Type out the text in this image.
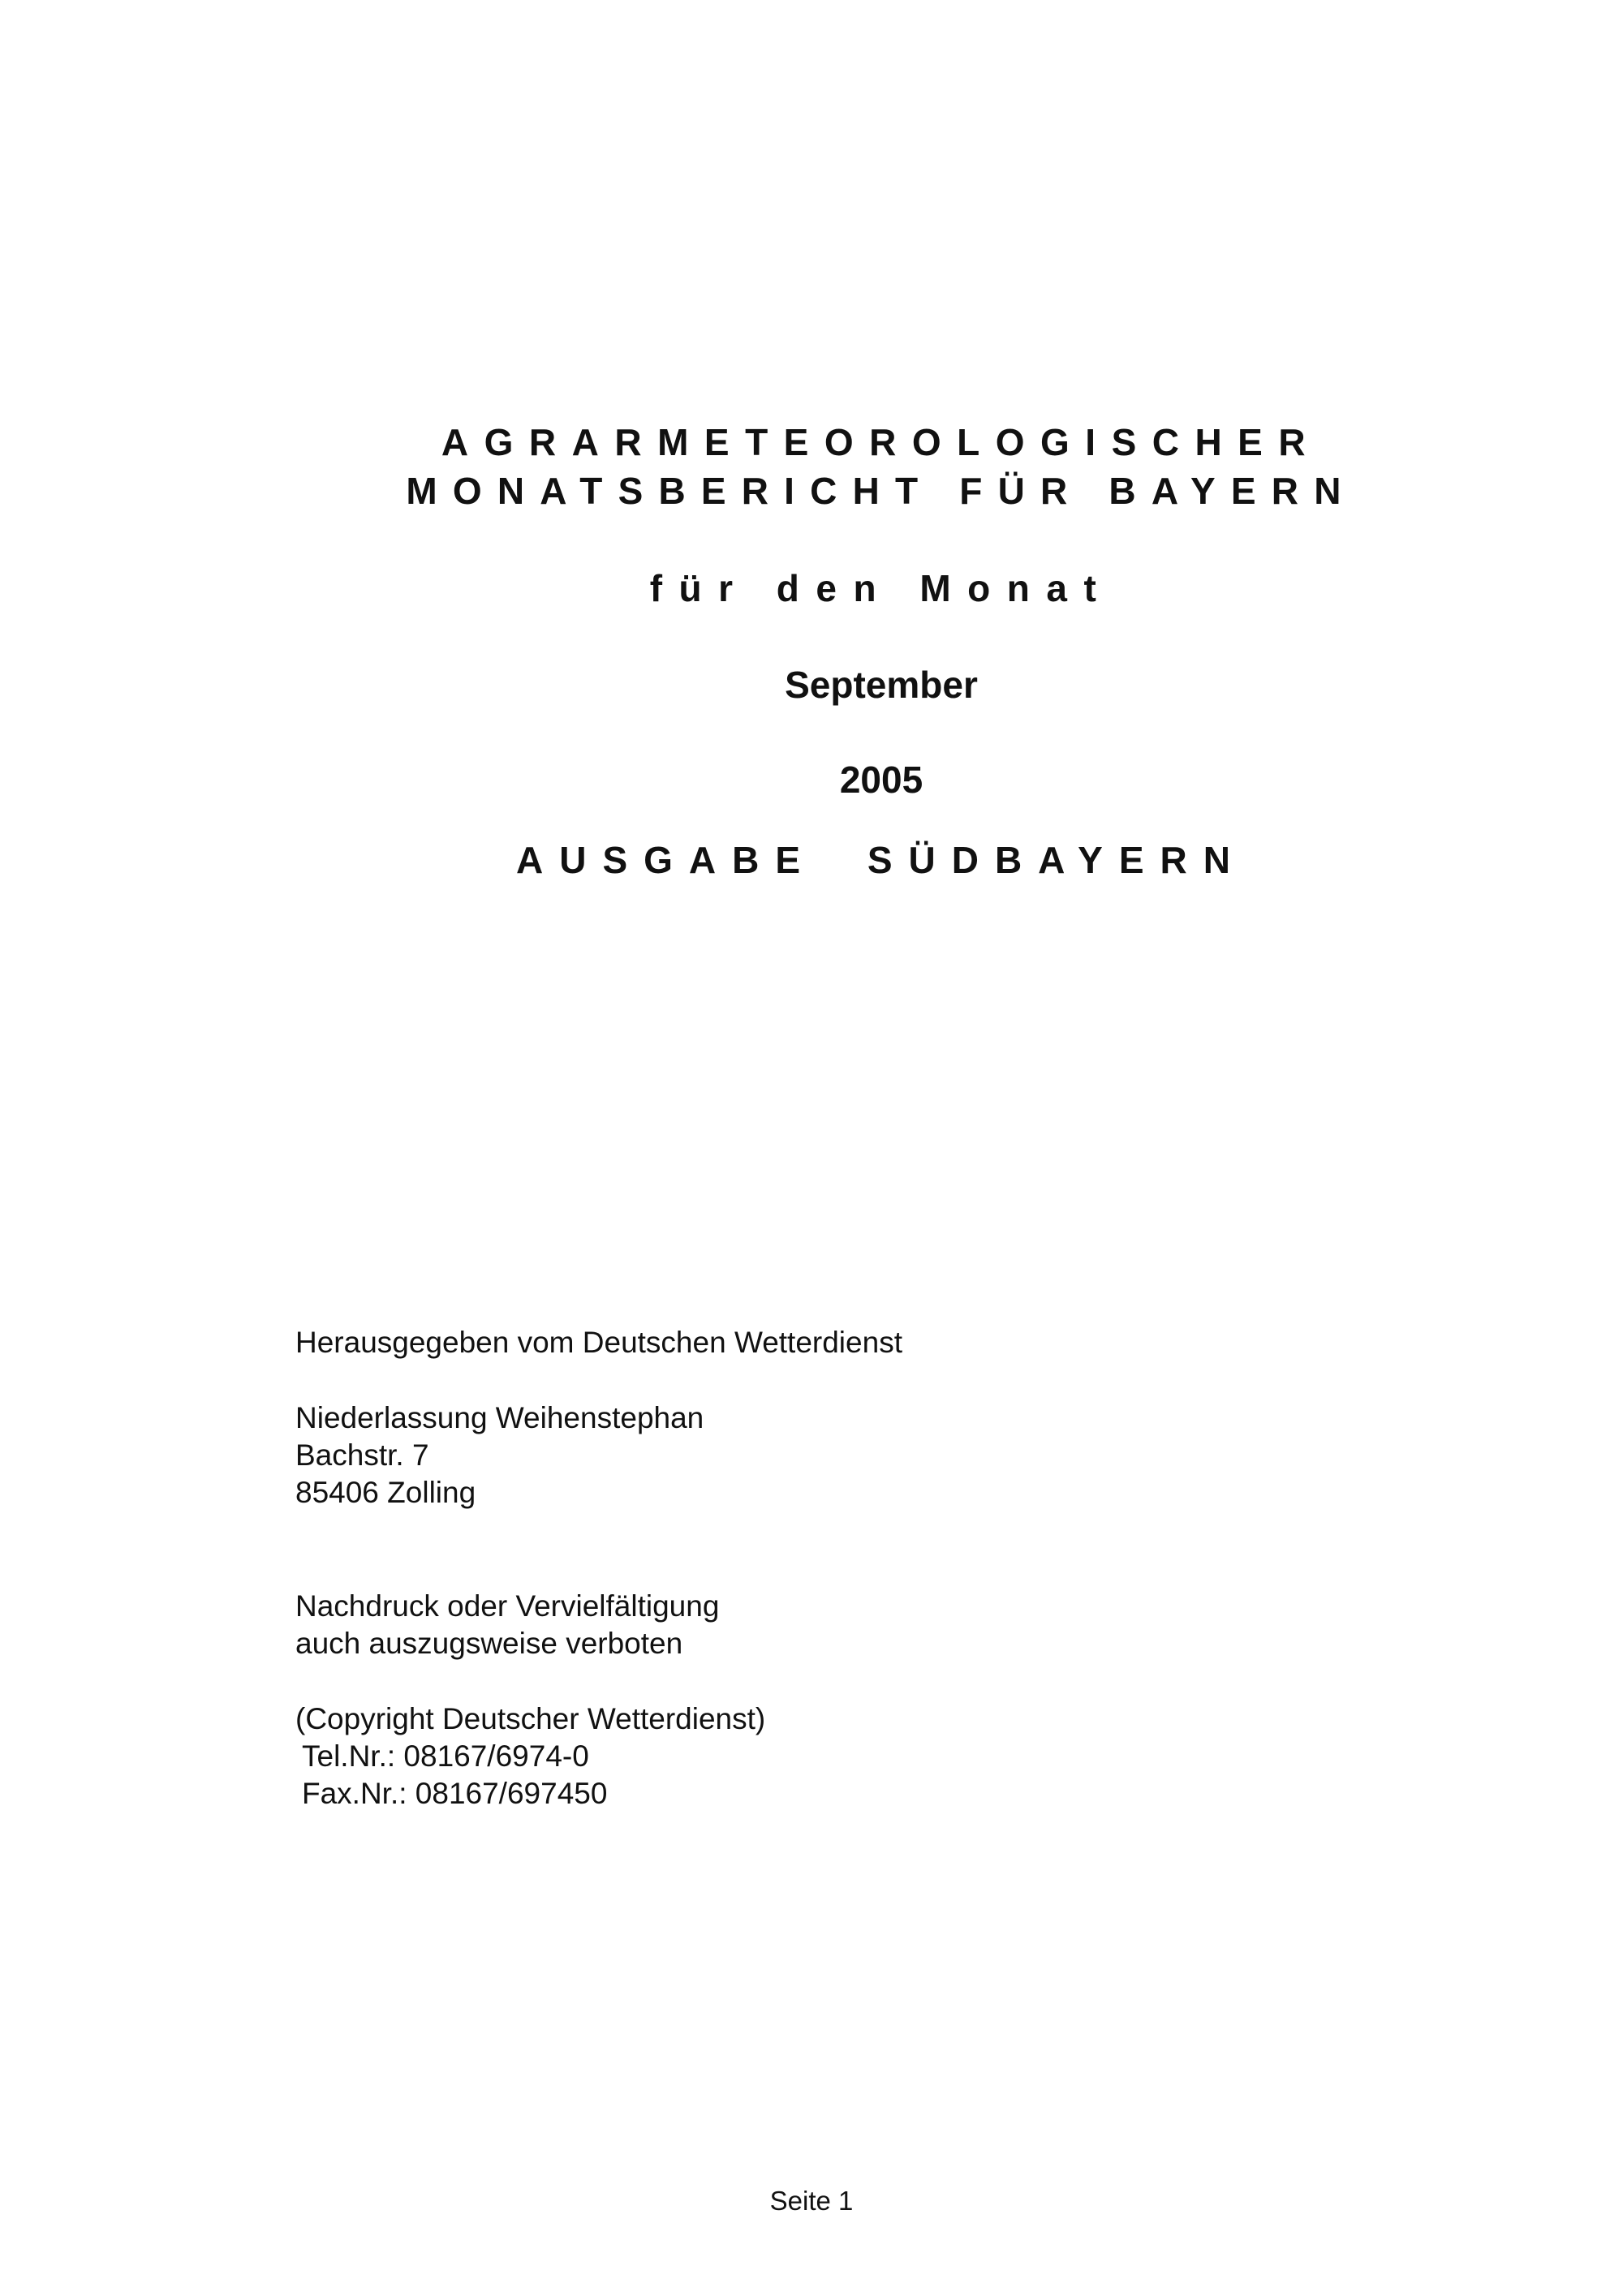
AGRARMETEOROLOGISCHER
MONATSBERICHT FÜR BAYERN
für den Monat
September
2005
AUSGABE SÜDBAYERN
Herausgegeben vom Deutschen Wetterdienst
Niederlassung Weihenstephan
Bachstr. 7
85406 Zolling
Nachdruck oder Vervielfältigung
auch auszugsweise verboten
(Copyright Deutscher Wetterdienst)
Tel.Nr.: 08167/6974-0
Fax.Nr.: 08167/697450
Seite 1
